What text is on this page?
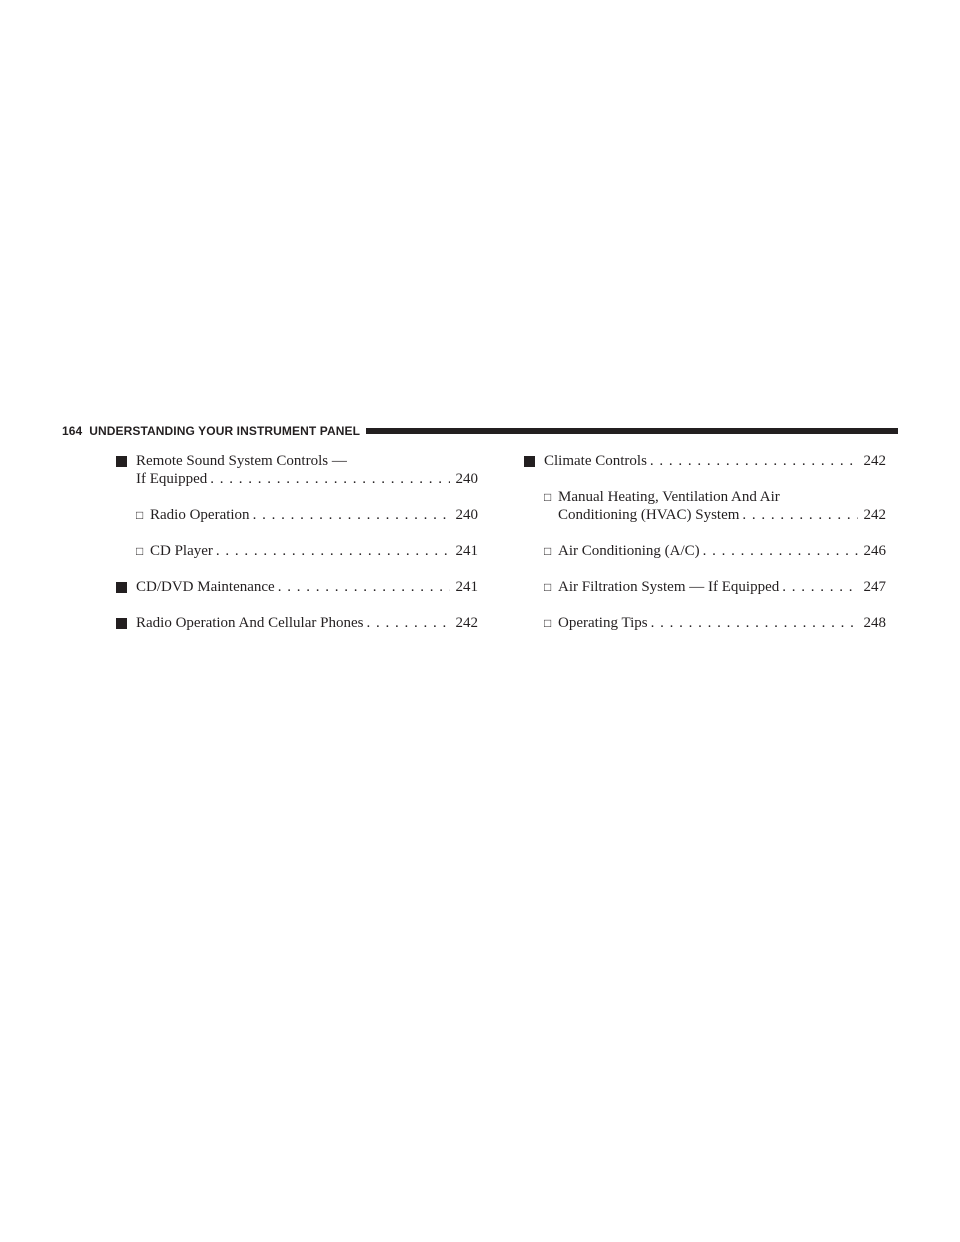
164
UNDERSTANDING YOUR INSTRUMENT PANEL
Remote Sound System Controls —
If Equipped . . .	240
□ Radio Operation . . .	240
□ CD Player . . .	241
CD/DVD Maintenance . . .	241
Radio Operation And Cellular Phones . . .	242
Climate Controls . . .	242
□ Manual Heating, Ventilation And Air
Conditioning (HVAC) System . . .	242
□ Air Conditioning (A/C) . . .	246
□ Air Filtration System — If Equipped . . .	247
□ Operating Tips . . .	248
